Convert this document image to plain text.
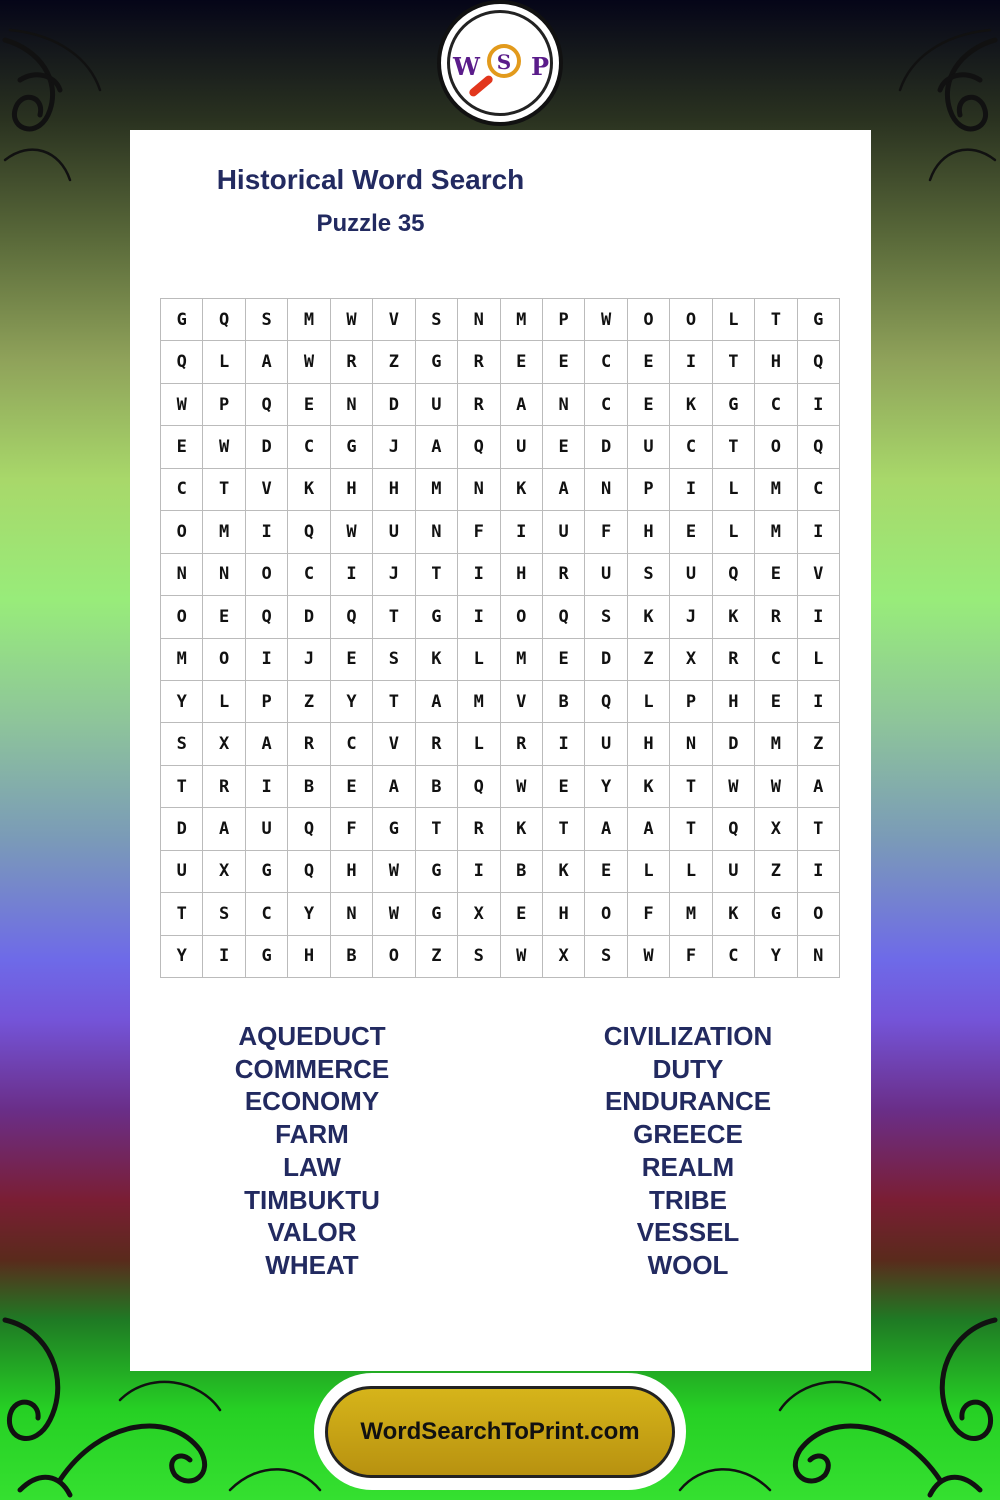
W S P
Historical Word Search
Puzzle 35
G	Q	S	M	W	V	S	N	M	P	W	O	O	L	T	G
Q	L	A	W	R	Z	G	R	E	E	C	E	I	T	H	Q
W	P	Q	E	N	D	U	R	A	N	C	E	K	G	C	I
E	W	D	C	G	J	A	Q	U	E	D	U	C	T	O	Q
C	T	V	K	H	H	M	N	K	A	N	P	I	L	M	C
O	M	I	Q	W	U	N	F	I	U	F	H	E	L	M	I
N	N	O	C	I	J	T	I	H	R	U	S	U	Q	E	V
O	E	Q	D	Q	T	G	I	O	Q	S	K	J	K	R	I
M	O	I	J	E	S	K	L	M	E	D	Z	X	R	C	L
Y	L	P	Z	Y	T	A	M	V	B	Q	L	P	H	E	I
S	X	A	R	C	V	R	L	R	I	U	H	N	D	M	Z
T	R	I	B	E	A	B	Q	W	E	Y	K	T	W	W	A
D	A	U	Q	F	G	T	R	K	T	A	A	T	Q	X	T
U	X	G	Q	H	W	G	I	B	K	E	L	L	U	Z	I
T	S	C	Y	N	W	G	X	E	H	O	F	M	K	G	O
Y	I	G	H	B	O	Z	S	W	X	S	W	F	C	Y	N
AQUEDUCT
COMMERCE
ECONOMY
FARM
LAW
TIMBUKTU
VALOR
WHEAT
CIVILIZATION
DUTY
ENDURANCE
GREECE
REALM
TRIBE
VESSEL
WOOL
WordSearchToPrint.com
